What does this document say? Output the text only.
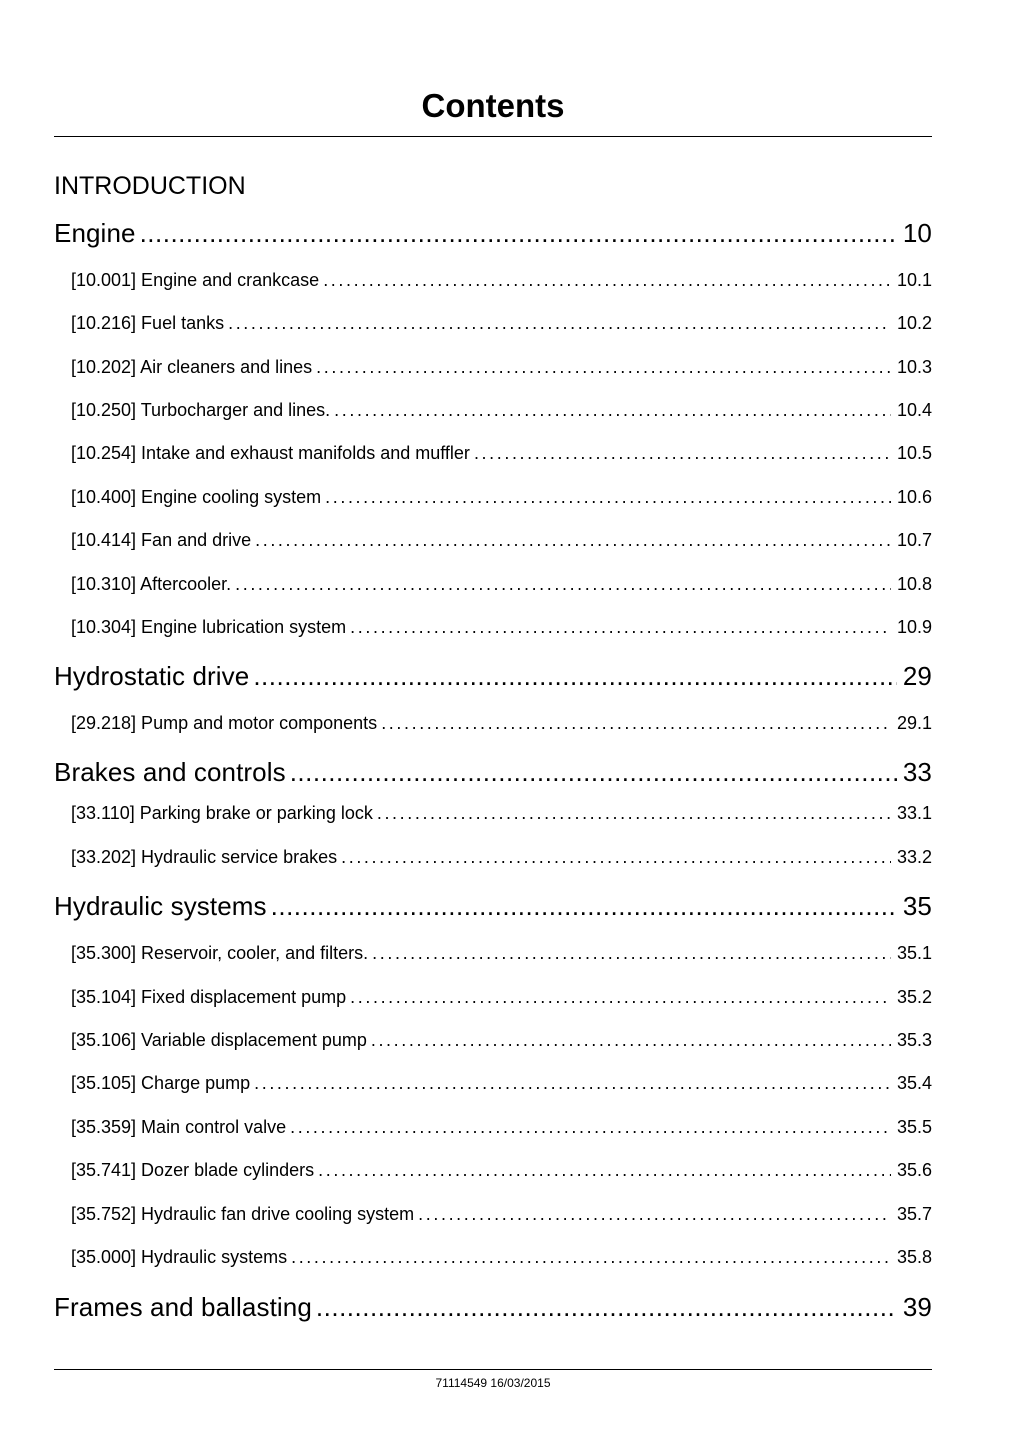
Contents
INTRODUCTION
Engine .....	10
[10.001] Engine and crankcase .....	10.1
[10.216] Fuel tanks .....	10.2
[10.202] Air cleaners and lines .....	10.3
[10.250] Turbocharger and lines. .....	10.4
[10.254] Intake and exhaust manifolds and muffler .....	10.5
[10.400] Engine cooling system .....	10.6
[10.414] Fan and drive .....	10.7
[10.310] Aftercooler. .....	10.8
[10.304] Engine lubrication system .....	10.9
Hydrostatic drive .....	29
[29.218] Pump and motor components .....	29.1
Brakes and controls .....	33
[33.110] Parking brake or parking lock .....	33.1
[33.202] Hydraulic service brakes .....	33.2
Hydraulic systems .....	35
[35.300] Reservoir, cooler, and filters. .....	35.1
[35.104] Fixed displacement pump .....	35.2
[35.106] Variable displacement pump .....	35.3
[35.105] Charge pump .....	35.4
[35.359] Main control valve .....	35.5
[35.741] Dozer blade cylinders .....	35.6
[35.752] Hydraulic fan drive cooling system .....	35.7
[35.000] Hydraulic systems .....	35.8
Frames and ballasting .....	39
71114549 16/03/2015
